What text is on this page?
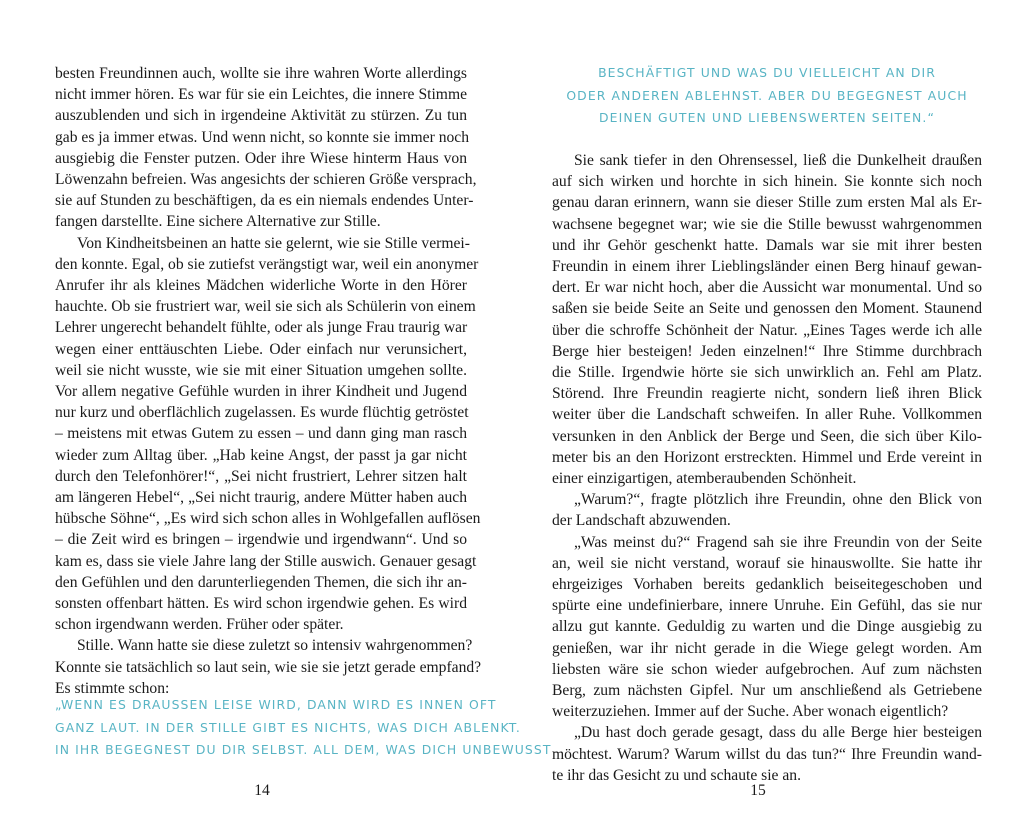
besten Freundinnen auch, wollte sie ihre wahren Worte allerdings
nicht immer hören. Es war für sie ein Leichtes, die innere Stimme
auszublenden und sich in irgendeine Aktivität zu stürzen. Zu tun
gab es ja immer etwas. Und wenn nicht, so konnte sie immer noch
ausgiebig die Fenster putzen. Oder ihre Wiese hinterm Haus von
Löwenzahn befreien. Was angesichts der schieren Größe versprach,
sie auf Stunden zu beschäftigen, da es ein niemals endendes Unter-
fangen darstellte. Eine sichere Alternative zur Stille.
Von Kindheitsbeinen an hatte sie gelernt, wie sie Stille vermei-
den konnte. Egal, ob sie zutiefst verängstigt war, weil ein anonymer
Anrufer ihr als kleines Mädchen widerliche Worte in den Hörer
hauchte. Ob sie frustriert war, weil sie sich als Schülerin von einem
Lehrer ungerecht behandelt fühlte, oder als junge Frau traurig war
wegen einer enttäuschten Liebe. Oder einfach nur verunsichert,
weil sie nicht wusste, wie sie mit einer Situation umgehen sollte.
Vor allem negative Gefühle wurden in ihrer Kindheit und Jugend
nur kurz und oberflächlich zugelassen. Es wurde flüchtig getröstet
– meistens mit etwas Gutem zu essen – und dann ging man rasch
wieder zum Alltag über. „Hab keine Angst, der passt ja gar nicht
durch den Telefonhörer!“, „Sei nicht frustriert, Lehrer sitzen halt
am längeren Hebel“, „Sei nicht traurig, andere Mütter haben auch
hübsche Söhne“, „Es wird sich schon alles in Wohlgefallen auflösen
– die Zeit wird es bringen – irgendwie und irgendwann“. Und so
kam es, dass sie viele Jahre lang der Stille auswich. Genauer gesagt
den Gefühlen und den darunterliegenden Themen, die sich ihr an-
sonsten offenbart hätten. Es wird schon irgendwie gehen. Es wird
schon irgendwann werden. Früher oder später.
Stille. Wann hatte sie diese zuletzt so intensiv wahrgenommen?
Konnte sie tatsächlich so laut sein, wie sie sie jetzt gerade empfand?
Es stimmte schon:
„WENN ES DRAUSSEN LEISE WIRD, DANN WIRD ES INNEN OFT
GANZ LAUT. IN DER STILLE GIBT ES NICHTS, WAS DICH ABLENKT.
IN IHR BEGEGNEST DU DIR SELBST. ALL DEM, WAS DICH UNBEWUSST
14
BESCHÄFTIGT UND WAS DU VIELLEICHT AN DIR
ODER ANDEREN ABLEHNST. ABER DU BEGEGNEST AUCH
DEINEN GUTEN UND LIEBENSWERTEN SEITEN.“
Sie sank tiefer in den Ohrensessel, ließ die Dunkelheit draußen
auf sich wirken und horchte in sich hinein. Sie konnte sich noch
genau daran erinnern, wann sie dieser Stille zum ersten Mal als Er-
wachsene begegnet war; wie sie die Stille bewusst wahrgenommen
und ihr Gehör geschenkt hatte. Damals war sie mit ihrer besten
Freundin in einem ihrer Lieblingsländer einen Berg hinauf gewan-
dert. Er war nicht hoch, aber die Aussicht war monumental. Und so
saßen sie beide Seite an Seite und genossen den Moment. Staunend
über die schroffe Schönheit der Natur. „Eines Tages werde ich alle
Berge hier besteigen! Jeden einzelnen!“ Ihre Stimme durchbrach
die Stille. Irgendwie hörte sie sich unwirklich an. Fehl am Platz.
Störend. Ihre Freundin reagierte nicht, sondern ließ ihren Blick
weiter über die Landschaft schweifen. In aller Ruhe. Vollkommen
versunken in den Anblick der Berge und Seen, die sich über Kilo-
meter bis an den Horizont erstreckten. Himmel und Erde vereint in
einer einzigartigen, atemberaubenden Schönheit.
„Warum?“, fragte plötzlich ihre Freundin, ohne den Blick von
der Landschaft abzuwenden.
„Was meinst du?“ Fragend sah sie ihre Freundin von der Seite
an, weil sie nicht verstand, worauf sie hinauswollte. Sie hatte ihr
ehrgeiziges Vorhaben bereits gedanklich beiseitegeschoben und
spürte eine undefinierbare, innere Unruhe. Ein Gefühl, das sie nur
allzu gut kannte. Geduldig zu warten und die Dinge ausgiebig zu
genießen, war ihr nicht gerade in die Wiege gelegt worden. Am
liebsten wäre sie schon wieder aufgebrochen. Auf zum nächsten
Berg, zum nächsten Gipfel. Nur um anschließend als Getriebene
weiterzuziehen. Immer auf der Suche. Aber wonach eigentlich?
„Du hast doch gerade gesagt, dass du alle Berge hier besteigen
möchtest. Warum? Warum willst du das tun?“ Ihre Freundin wand-
te ihr das Gesicht zu und schaute sie an.
15
